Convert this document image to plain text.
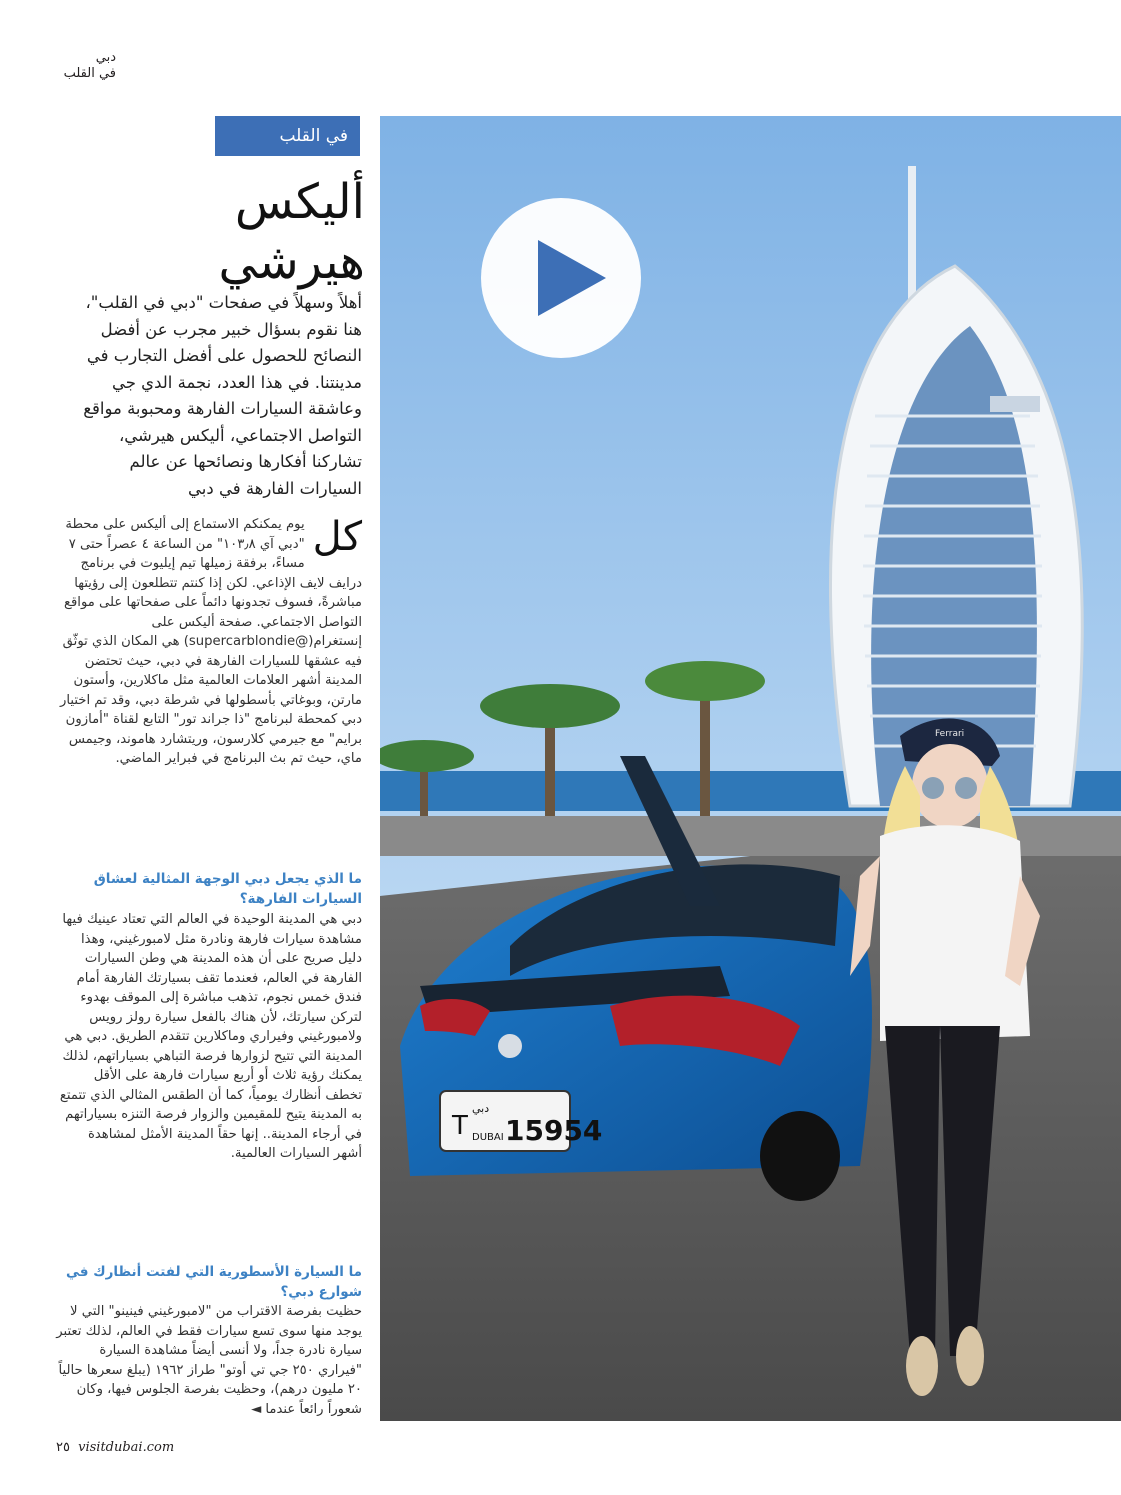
دبي
في القلب
T
دبي
DUBAI 15954
Ferrari
في القلب
أليكس
هيرشي
أهلاً وسهلاً في صفحات "دبي في القلب"، هنا نقوم بسؤال خبير مجرب عن أفضل النصائح للحصول على أفضل التجارب في مدينتنا. في هذا العدد، نجمة الدي جي وعاشقة السيارات الفارهة ومحبوبة مواقع التواصل الاجتماعي، أليكس هيرشي، تشاركنا أفكارها ونصائحها عن عالم السيارات الفارهة في دبي
كل

يوم يمكنكم الاستماع إلى أليكس على محطة "دبي آي ١٠٣٫٨" من الساعة ٤ عصراً حتى ٧ مساءً، برفقة زميلها تيم إيليوت في برنامج درايف لايف الإذاعي. لكن إذا كنتم تتطلعون إلى رؤيتها مباشرةً، فسوف تجدونها دائماً على صفحاتها على مواقع التواصل الاجتماعي. صفحة أليكس على إنستغرام(@supercarblondie) هي المكان الذي توثّق فيه عشقها للسيارات الفارهة في دبي، حيث تحتضن المدينة أشهر العلامات العالمية مثل ماكلارين، وأستون مارتن، وبوغاتي بأسطولها في شرطة دبي، وقد تم اختيار دبي كمحطة لبرنامج "ذا جراند تور" التابع لقناة "أمازون برايم" مع جيرمي كلارسون، وريتشارد هاموند، وجيمس ماي، حيث تم بث البرنامج في فبراير الماضي.

ما الذي يجعل دبي الوجهة المثالية لعشاق السيارات الفارهة؟
دبي هي المدينة الوحيدة في العالم التي تعتاد عينيك فيها مشاهدة سيارات فارهة ونادرة مثل لامبورغيني، وهذا دليل صريح على أن هذه المدينة هي وطن السيارات الفارهة في العالم، فعندما تقف بسيارتك الفارهة أمام فندق خمس نجوم، تذهب مباشرة إلى الموقف بهدوء لتركن سيارتك، لأن هناك بالفعل سيارة رولز رويس ولامبورغيني وفيراري وماكلارين تتقدم الطريق. دبي هي المدينة التي تتيح لزوارها فرصة التباهي بسياراتهم، لذلك يمكنك رؤية ثلاث أو أربع سيارات فارهة على الأقل تخطف أنظارك يومياً، كما أن الطقس المثالي الذي تتمتع به المدينة يتيح للمقيمين والزوار فرصة التنزه بسياراتهم في أرجاء المدينة.. إنها حقاً المدينة الأمثل لمشاهدة أشهر السيارات العالمية.
ما السيارة الأسطورية التي لفتت أنظارك في شوارع دبي؟
حظيت بفرصة الاقتراب من "لامبورغيني فينينو" التي لا يوجد منها سوى تسع سيارات فقط في العالم، لذلك تعتبر سيارة نادرة جداً، ولا أنسى أيضاً مشاهدة السيارة "فيراري ٢٥٠ جي تي أوتو" طراز ١٩٦٢ (يبلغ سعرها حالياً ٢٠ مليون درهم)، وحظيت بفرصة الجلوس فيها، وكان شعوراً رائعاً عندما ◄
٢٥ visitdubai.com
